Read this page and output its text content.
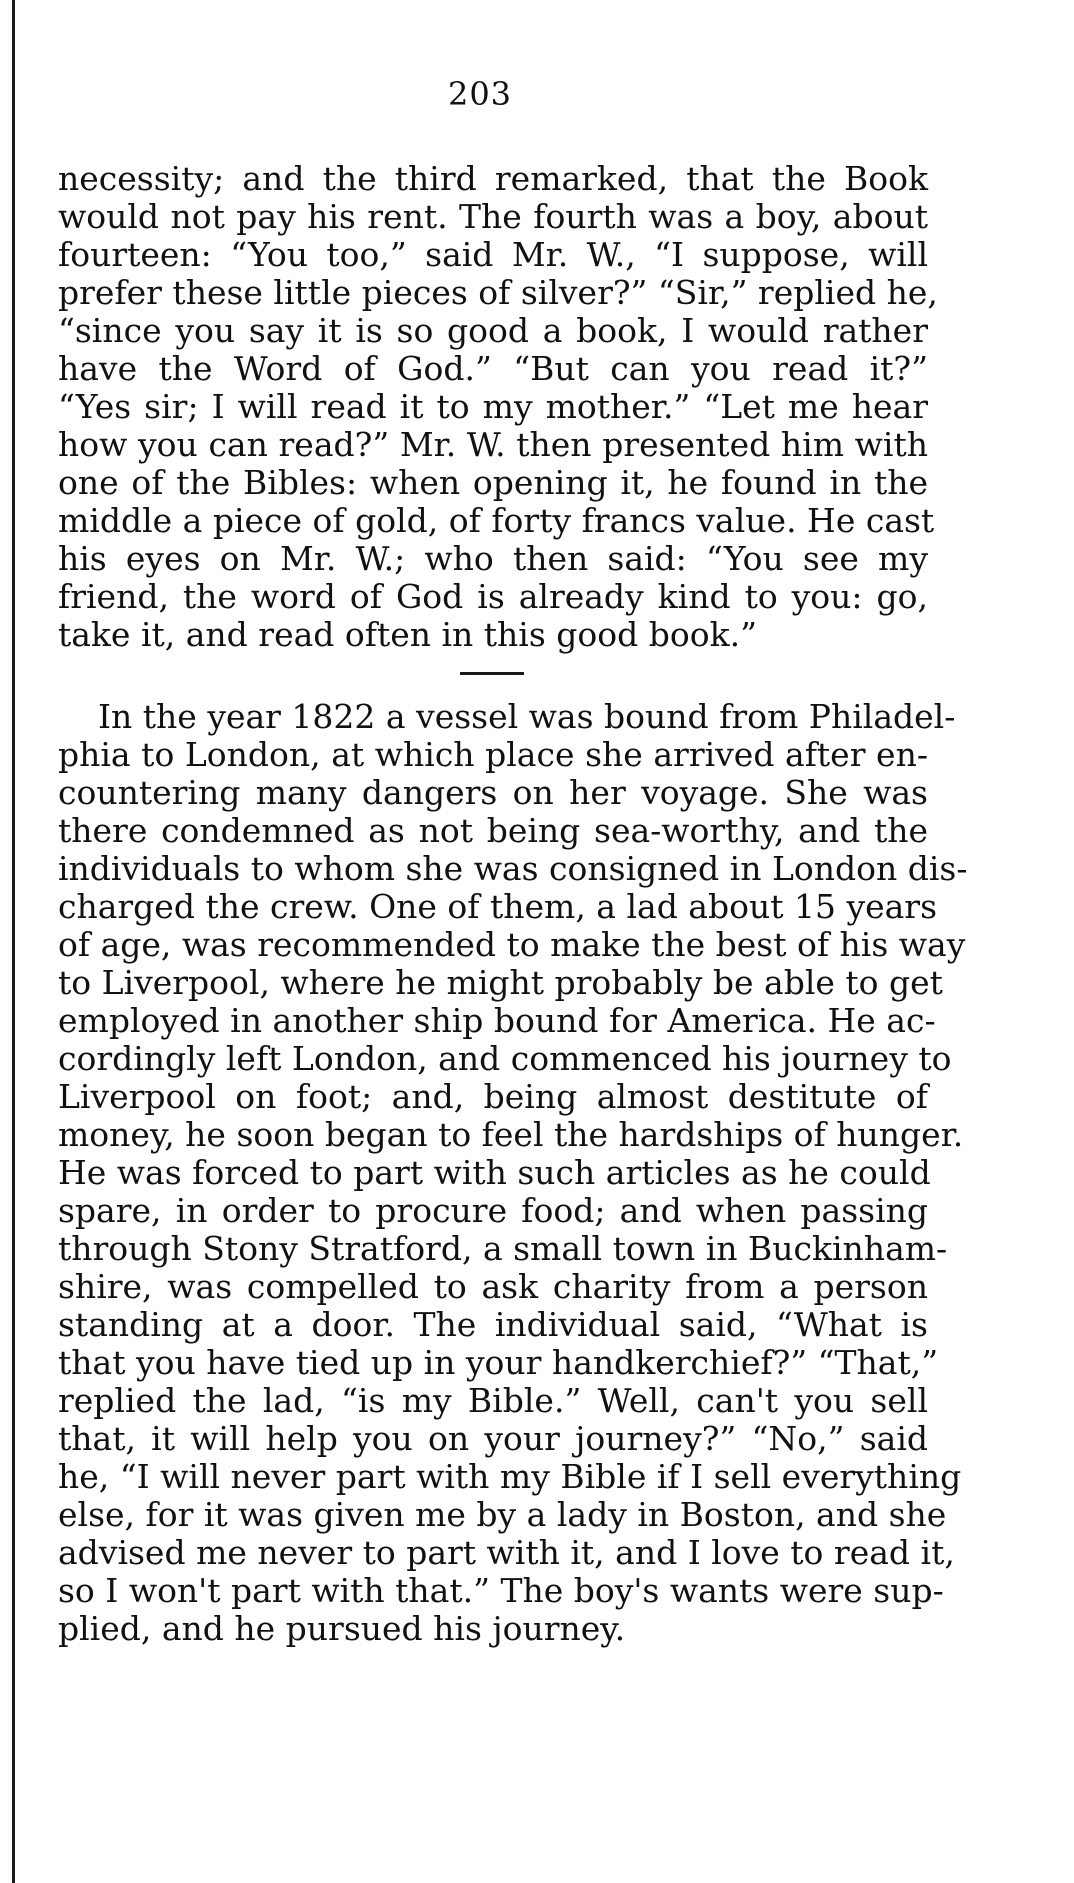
203
necessity; and the third remarked, that the Book
would not pay his rent. The fourth was a boy, about
fourteen: “You too,” said Mr. W., “I suppose, will
prefer these little pieces of silver?” “Sir,” replied he,
“since you say it is so good a book, I would rather
have the Word of God.” “But can you read it?”
“Yes sir; I will read it to my mother.” “Let me hear
how you can read?” Mr. W. then presented him with
one of the Bibles: when opening it, he found in the
middle a piece of gold, of forty francs value. He cast
his eyes on Mr. W.; who then said: “You see my
friend, the word of God is already kind to you: go,
take it, and read often in this good book.”
In the year 1822 a vessel was bound from Philadel-
phia to London, at which place she arrived after en-
countering many dangers on her voyage. She was
there condemned as not being sea-worthy, and the
individuals to whom she was consigned in London dis-
charged the crew. One of them, a lad about 15 years
of age, was recommended to make the best of his way
to Liverpool, where he might probably be able to get
employed in another ship bound for America. He ac-
cordingly left London, and commenced his journey to
Liverpool on foot; and, being almost destitute of
money, he soon began to feel the hardships of hunger.
He was forced to part with such articles as he could
spare, in order to procure food; and when passing
through Stony Stratford, a small town in Buckinham-
shire, was compelled to ask charity from a person
standing at a door. The individual said, “What is
that you have tied up in your handkerchief?” “That,”
replied the lad, “is my Bible.” Well, can't you sell
that, it will help you on your journey?” “No,” said
he, “I will never part with my Bible if I sell everything
else, for it was given me by a lady in Boston, and she
advised me never to part with it, and I love to read it,
so I won't part with that.” The boy's wants were sup-
plied, and he pursued his journey.
